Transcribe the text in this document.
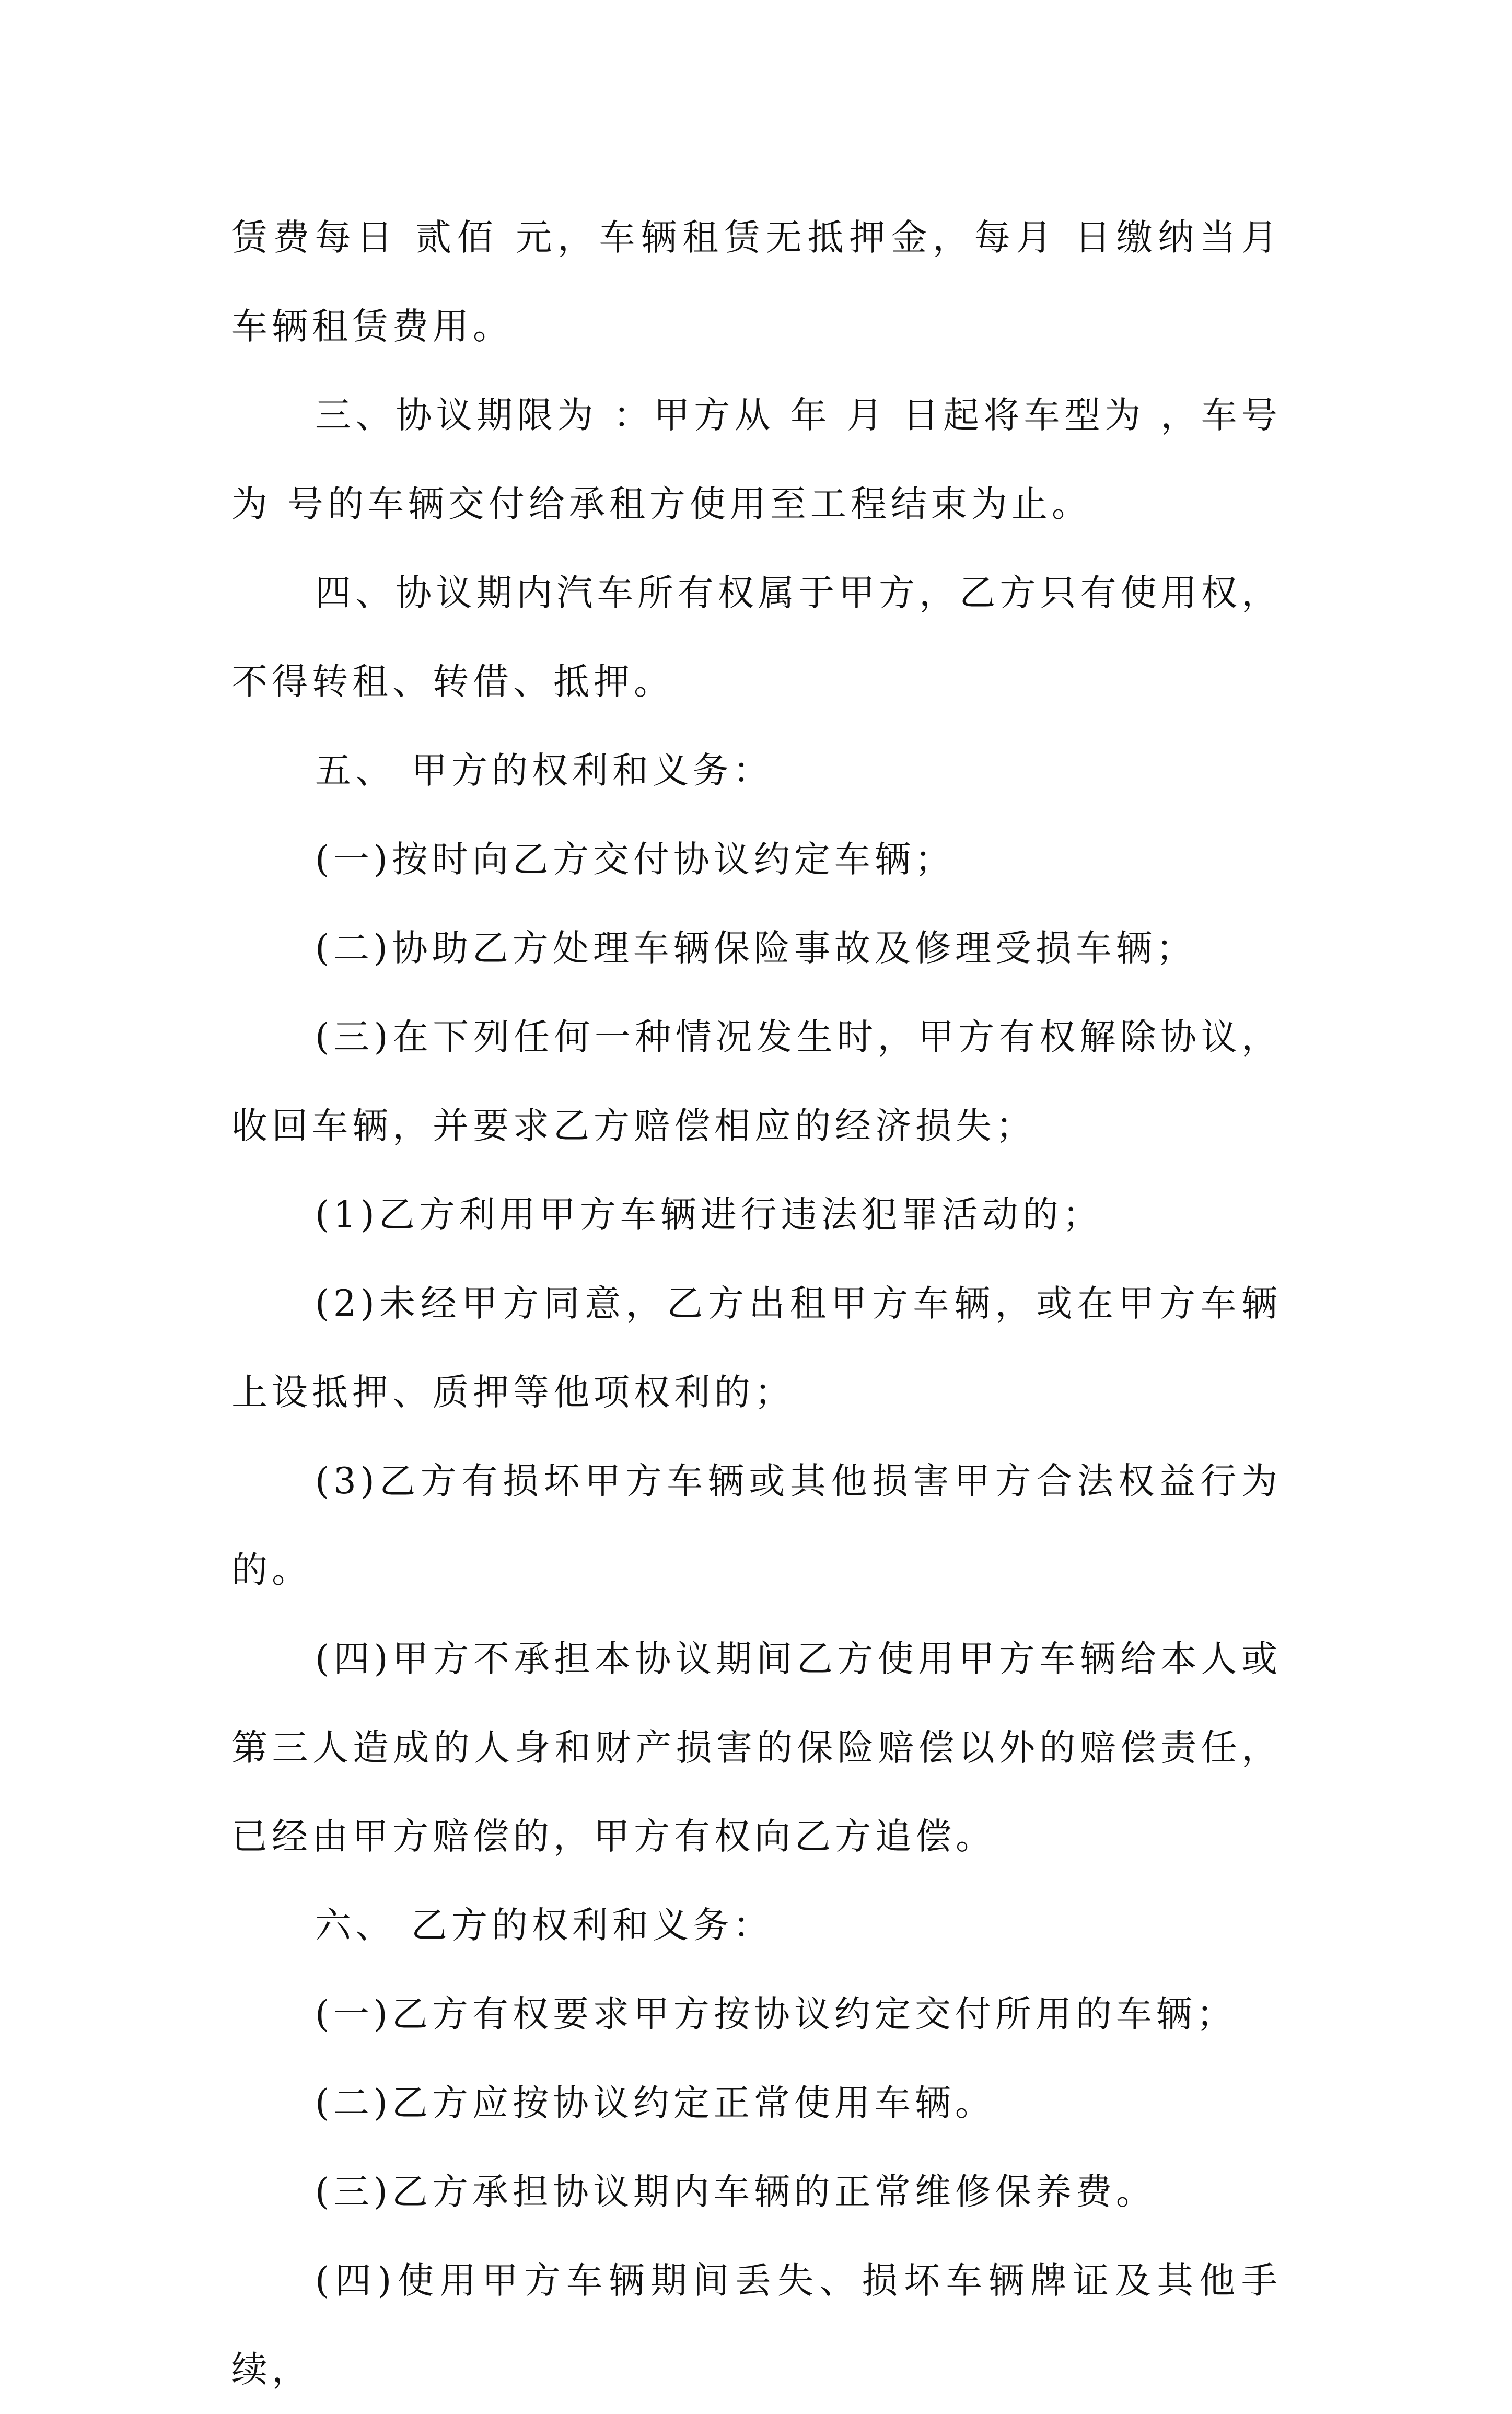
赁费每日 贰佰 元，车辆租赁无抵押金，每月 日缴纳当月车辆租赁费用。

三、协议期限为 ：甲方从 年 月 日起将车型为 ，车号为 号的车辆交付给承租方使用至工程结束为止。

四、协议期内汽车所有权属于甲方，乙方只有使用权，不得转租、转借、抵押。

五、 甲方的权利和义务：

(一)按时向乙方交付协议约定车辆；

(二)协助乙方处理车辆保险事故及修理受损车辆；

(三)在下列任何一种情况发生时，甲方有权解除协议，收回车辆，并要求乙方赔偿相应的经济损失；

(1)乙方利用甲方车辆进行违法犯罪活动的；

(2)未经甲方同意，乙方出租甲方车辆，或在甲方车辆上设抵押、质押等他项权利的；

(3)乙方有损坏甲方车辆或其他损害甲方合法权益行为的。

(四)甲方不承担本协议期间乙方使用甲方车辆给本人或第三人造成的人身和财产损害的保险赔偿以外的赔偿责任，已经由甲方赔偿的，甲方有权向乙方追偿。

六、 乙方的权利和义务：

(一)乙方有权要求甲方按协议约定交付所用的车辆；

(二)乙方应按协议约定正常使用车辆。

(三)乙方承担协议期内车辆的正常维修保养费。

(四)使用甲方车辆期间丢失、损坏车辆牌证及其他手续，
